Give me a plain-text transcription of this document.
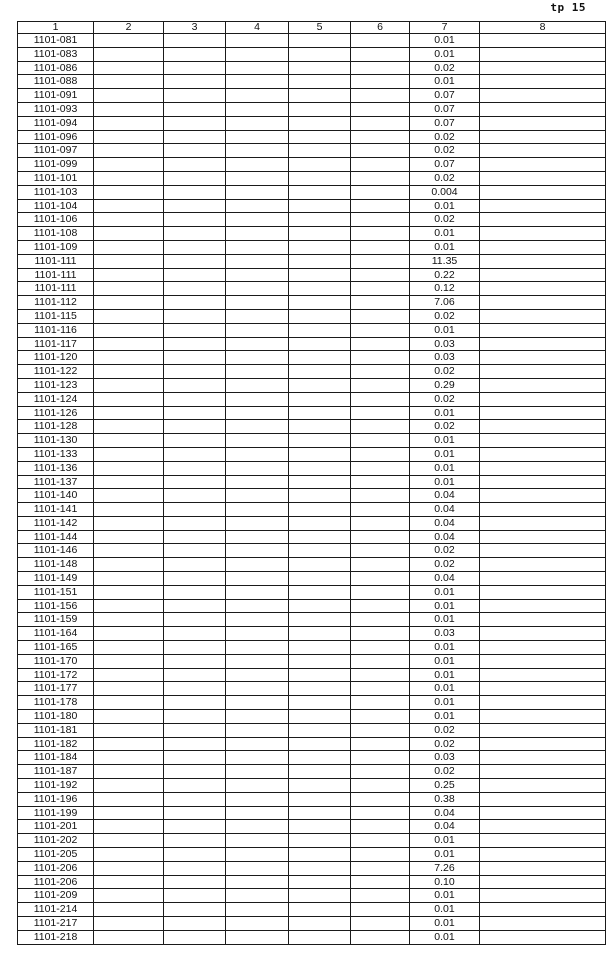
tp 15
1	2	3	4	5	6	7	8
1101-081						0.01	
1101-083						0.01	
1101-086						0.02	
1101-088						0.01	
1101-091						0.07	
1101-093						0.07	
1101-094						0.07	
1101-096						0.02	
1101-097						0.02	
1101-099						0.07	
1101-101						0.02	
1101-103						0.004	
1101-104						0.01	
1101-106						0.02	
1101-108						0.01	
1101-109						0.01	
1101-111						11.35	
1101-111						0.22	
1101-111						0.12	
1101-112						7.06	
1101-115						0.02	
1101-116						0.01	
1101-117						0.03	
1101-120						0.03	
1101-122						0.02	
1101-123						0.29	
1101-124						0.02	
1101-126						0.01	
1101-128						0.02	
1101-130						0.01	
1101-133						0.01	
1101-136						0.01	
1101-137						0.01	
1101-140						0.04	
1101-141						0.04	
1101-142						0.04	
1101-144						0.04	
1101-146						0.02	
1101-148						0.02	
1101-149						0.04	
1101-151						0.01	
1101-156						0.01	
1101-159						0.01	
1101-164						0.03	
1101-165						0.01	
1101-170						0.01	
1101-172						0.01	
1101-177						0.01	
1101-178						0.01	
1101-180						0.01	
1101-181						0.02	
1101-182						0.02	
1101-184						0.03	
1101-187						0.02	
1101-192						0.25	
1101-196						0.38	
1101-199						0.04	
1101-201						0.04	
1101-202						0.01	
1101-205						0.01	
1101-206						7.26	
1101-206						0.10	
1101-209						0.01	
1101-214						0.01	
1101-217						0.01	
1101-218						0.01	
